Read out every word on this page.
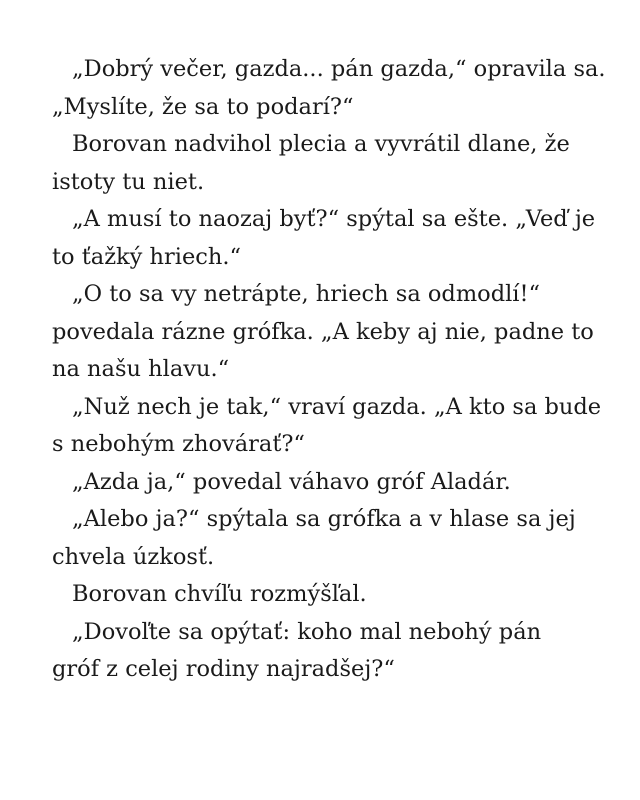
„Dobrý večer, gazda... pán gazda,“ opravila sa.
„Myslíte, že sa to podarí?“

Borovan nadvihol plecia a vyvrátil dlane, že
istoty tu niet.

„A musí to naozaj byť?“ spýtal sa ešte. „Veď je
to ťažký hriech.“

„O to sa vy netrápte, hriech sa odmodlí!“
povedala rázne grófka. „A keby aj nie, padne to
na našu hlavu.“

„Nuž nech je tak,“ vraví gazda. „A kto sa bude
s nebohým zhovárať?“

„Azda ja,“ povedal váhavo gróf Aladár.

„Alebo ja?“ spýtala sa grófka a v hlase sa jej
chvela úzkosť.

Borovan chvíľu rozmýšľal.

„Dovoľte sa opýtať: koho mal nebohý pán
gróf z celej rodiny najradšej?“
